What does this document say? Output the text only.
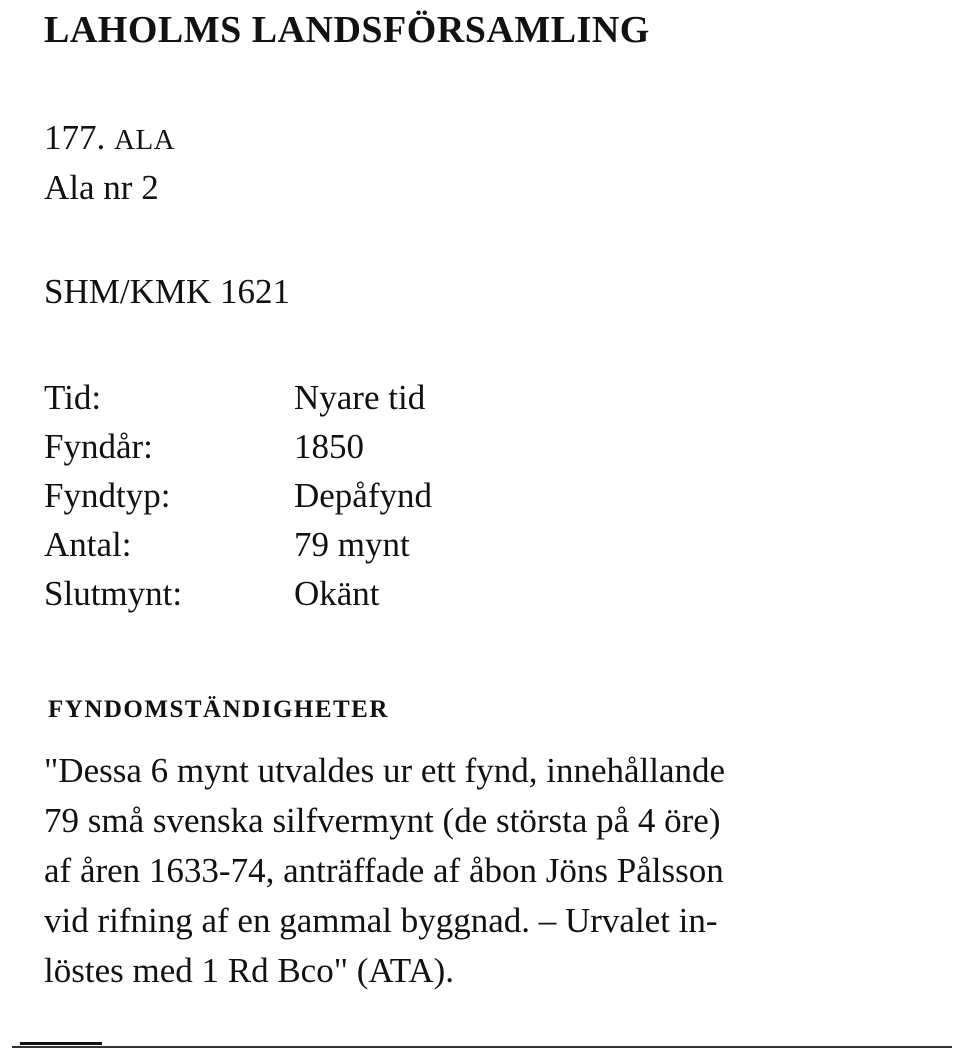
LAHOLMS LANDSFÖRSAMLING
177. ALA
Ala nr 2
SHM/KMK 1621
Tid:	Nyare tid
Fyndår:	1850
Fyndtyp:	Depåfynd
Antal:	79 mynt
Slutmynt:	Okänt
FYNDOMSTÄNDIGHETER
"Dessa 6 mynt utvaldes ur ett fynd, innehållande
79 små svenska silfvermynt (de största på 4 öre)
af åren 1633-74, anträffade af åbon Jöns Pålsson
vid rifning af en gammal byggnad. – Urvalet in-
löstes med 1 Rd Bco" (ATA).
